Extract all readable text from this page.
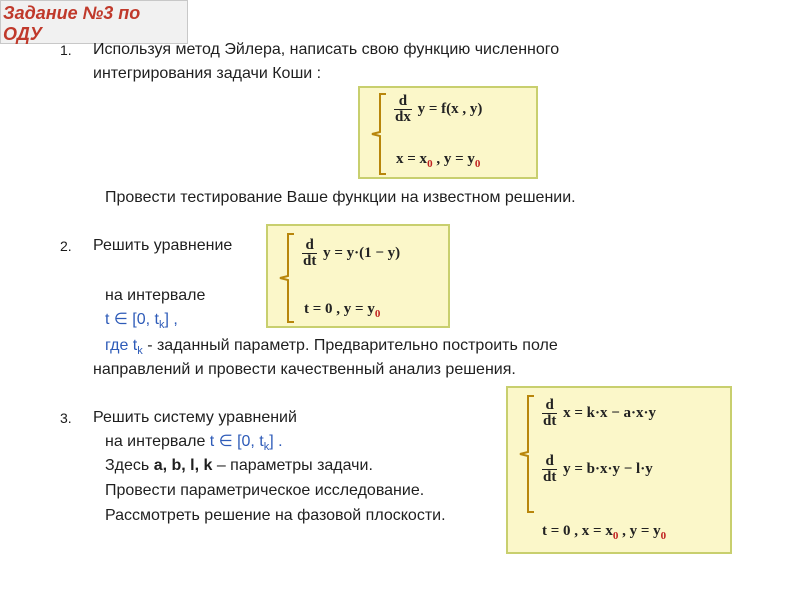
Задание №3 по
ОДУ
1. Используя метод Эйлера, написать свою функцию численного
интегрирования задачи Коши :
$\frac{d}{dx}$ y = f(x , y)
$x = x_0$ , $y = y_0$
Провести тестирование Ваше функции на известном решении.
2. Решить уравнение	$\frac{d}{dt}$ y = y·(1 − y)
t = 0 , $y = y_0$
на интервале
t ∈ [0, $t_k$] ,
где $t_k$ - заданный параметр. Предварительно построить поле
направлений и провести качественный анализ решения.
3. Решить систему уравнений
на интервале t ∈ [0, $t_k$] .
Здесь a, b, l, k – параметры задачи.
Провести параметрическое исследование.
$\frac{d}{dt}$ x = k·x − a·x·y
$\frac{d}{dt}$ y = b·x·y − l·y
t = 0 , $x = x_0$ , $y = y_0$
Рассмотреть решение на фазовой плоскости.
